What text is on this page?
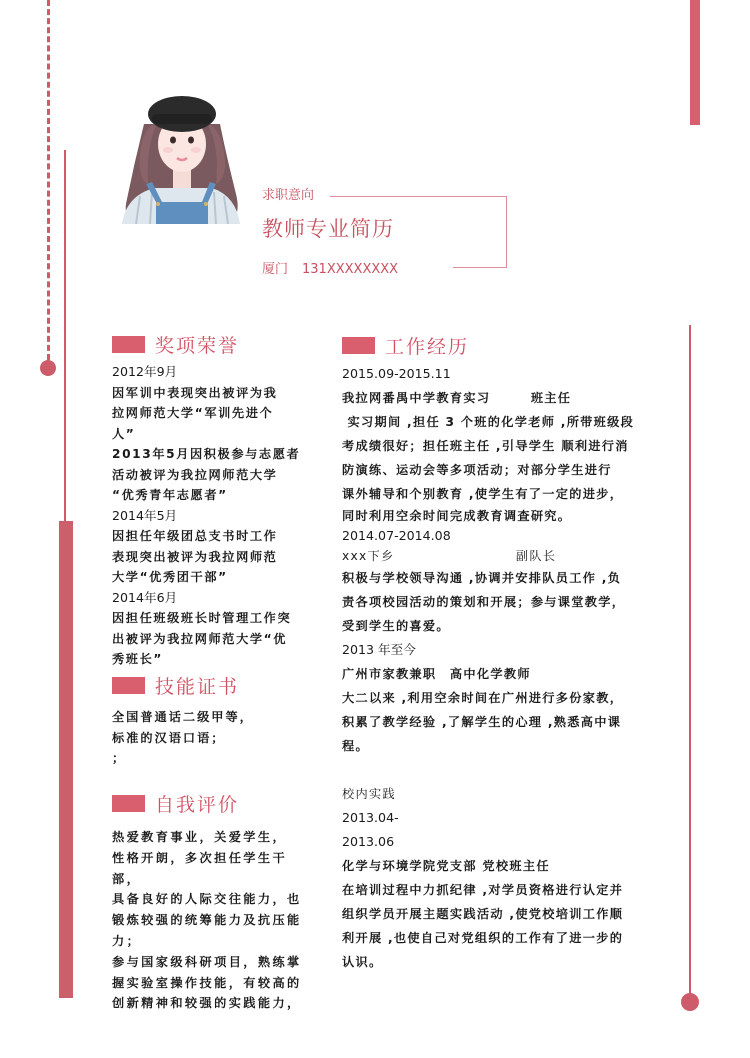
求职意向
教师专业简历
厦门 131XXXXXXXX
奖项荣誉

2012年9月

因军训中表现突出被评为我

拉网师范大学“军训先进个

人”

2013年5月因积极参与志愿者

活动被评为我拉网师范大学

“优秀青年志愿者”

2014年5月

因担任年级团总支书时工作

表现突出被评为我拉网师范

大学“优秀团干部”

2014年6月

因担任班级班长时管理工作突

出被评为我拉网师范大学“优

秀班长”

技能证书

全国普通话二级甲等，

标准的汉语口语；

；

自我评价

热爱教育事业，关爱学生，

性格开朗，多次担任学生干部，

具备良好的人际交往能力，也

锻炼较强的统筹能力及抗压能

力；

参与国家级科研项目，熟练掌

握实验室操作技能，有较高的

创新精神和较强的实践能力，

工作经历

2015.09-2015.11

我拉网番禺中学教育实习　　　班主任

实习期间 ,担任 3 个班的化学老师 ,所带班级段

考成绩很好；担任班主任 ,引导学生 顺利进行消

防演练、运动会等多项活动；对部分学生进行

课外辅导和个别教育 ,使学生有了一定的进步，

同时利用空余时间完成教育调查研究。

2014.07-2014.08

xxx下乡　　　　　　　　　副队长

积极与学校领导沟通 ,协调并安排队员工作 ,负

责各项校园活动的策划和开展；参与课堂教学，

受到学生的喜爱。

2013 年至今

广州市家教兼职　高中化学教师

大二以来 ,利用空余时间在广州进行多份家教，

积累了教学经验 ,了解学生的心理 ,熟悉高中课

程。

校内实践

2013.04-

2013.06

化学与环境学院党支部 党校班主任

在培训过程中力抓纪律 ,对学员资格进行认定并

组织学员开展主题实践活动 ,使党校培训工作顺

利开展 ,也使自己对党组织的工作有了进一步的

认识。
